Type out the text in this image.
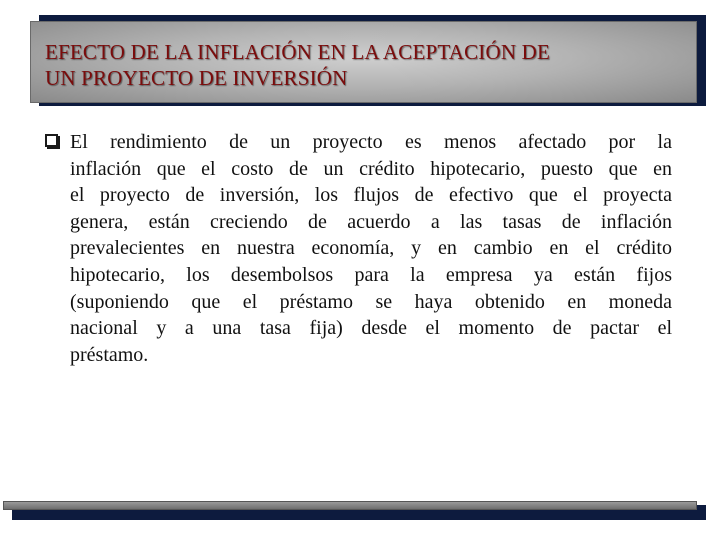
EFECTO DE LA INFLACIÓN EN LA ACEPTACIÓN DE
UN PROYECTO DE INVERSIÓN

El rendimiento de un proyecto es menos afectado por la
inflación que el costo de un crédito hipotecario, puesto que en
el proyecto de inversión, los flujos de efectivo que el proyecta
genera, están creciendo de acuerdo a las tasas de inflación
prevalecientes en nuestra economía, y en cambio en el crédito
hipotecario, los desembolsos para la empresa ya están fijos
(suponiendo que el préstamo se haya obtenido en moneda
nacional y a una tasa fija) desde el momento de pactar el
préstamo.
